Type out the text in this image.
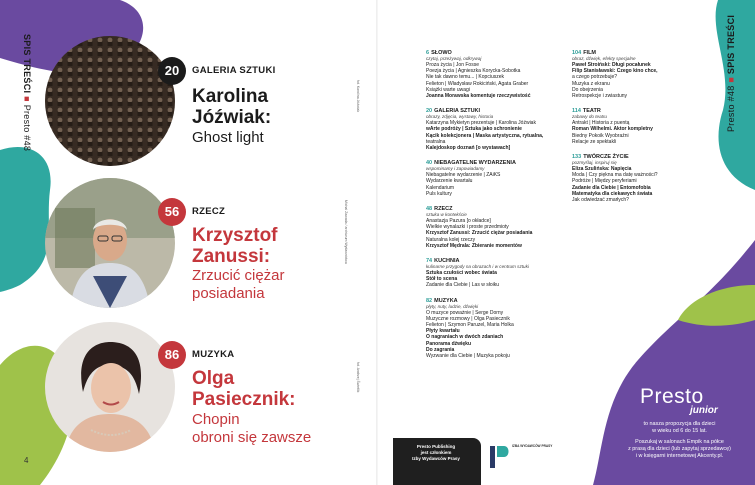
SPIS TREŚCI ■ Presto #48
4
fot. Karolina Jóźwiak
20	GALERIA SZTUKI
Karolina
Jóźwiak:
Ghost light
Michał Zawada / archiwum Wydawnictwa
56	RZECZ
Krzysztof
Zanussi:
Zrzucić ciężar
posiadania
fot. Andrzej Świetlik
86	MUZYKA
Olga
Pasiecznik:
Chopin
obroni się zawsze
Presto #48 ■ SPIS TREŚCI
6 SŁOWO
czytaj, przeżywaj, odkrywaj
Proza życia | Jon Fosse
Poezja życia | Agnieszka Korycka-Sobotka
Nie tak dawno temu... | Kopciuszek
Felieton | Władysław Rokiciński, Agata Graber
Książki warte uwagi
Joanna Morawska komentuje rzeczywistość
20 GALERIA SZTUKI
obrazy, zdjęcia, wystawy, historia
Katarzyna Mykietyn prezentuje | Karolina Jóźwiak
wArte podróży | Sztuka jako schronienie
Kącik kolekcjonera | Maska artystyczna, rytualna,
teatralna
Kalejdoskop doznań [o wystawach]
40 NIEBAGATELNE WYDARZENIA
wspominamy i zapowiadamy
Niebagatelne wydarzenie | ZAiKS
Wydarzenie kwartału
Kalendarium
Puls kultury
48 RZECZ
sztuka w kontekście
Anastazja Pazura [o okładce]
Wielkie wynalazki i proste przedmioty
Krzysztof Zanussi: Zrzucić ciężar posiadania
Naturalna kolej rzeczy
Krzysztof Mędrala: Zbieranie momentów
74 KUCHNIA
kulinarne przygody na obrazach i w centrum sztuki
Sztuka czułości wobec świata
Stół to scena
Zadanie dla Ciebie | Las w słoiku
82 MUZYKA
płyty, nuty, ludzie, dźwięki
O muzyce poważnie | Serge Dorny
Muzyczne rozmowy | Olga Pasiecznik
Felieton | Szymon Paruzel, Maria Holka
Płyty kwartału
O nagraniach w dwóch zdaniach
Panorama dźwięku
Do zagrania
Wyzwanie dla Ciebie | Muzyka pokoju
104 FILM
obraz, dźwięk, efekty specjalne
Paweł Stroiński: Długi pocałunek
Filip Stanisławski: Czego kino chce,
a czego potrzebuje?
Muzyka z ekranu
Do obejrzenia
Retrospekcje i zwiastuny
114 TEATR
zabawy do teatru
Antrakt | Historia z puentą
Roman Wilhelmi. Aktor kompletny
Biedny Pokoik Wyobraźni
Relacje ze spektakli
133 TWÓRCZE ŻYCIE
pozmyślaj, inspiruj się
Eliza Szulińska: Napięcia
Moda | Czy piękna ma datę ważności?
Podróże | Między peryferiami
Zadanie dla Ciebie | Entomofobia
Matematyka dla ciekawych świata
Jak odwiedzać zmarłych?
Presto
junior
to nasza propozycja dla dzieci
w wieku od 6 do 15 lat.
Poszukaj w salonach Empik na półce
z prasą dla dzieci (lub zapytaj sprzedawcę)
i w księgarni internetowej Akcenty.pl.
Presto Publishing
jest członkiem
Izby Wydawców Prasy
IZBA WYDAWCÓW PRASY
